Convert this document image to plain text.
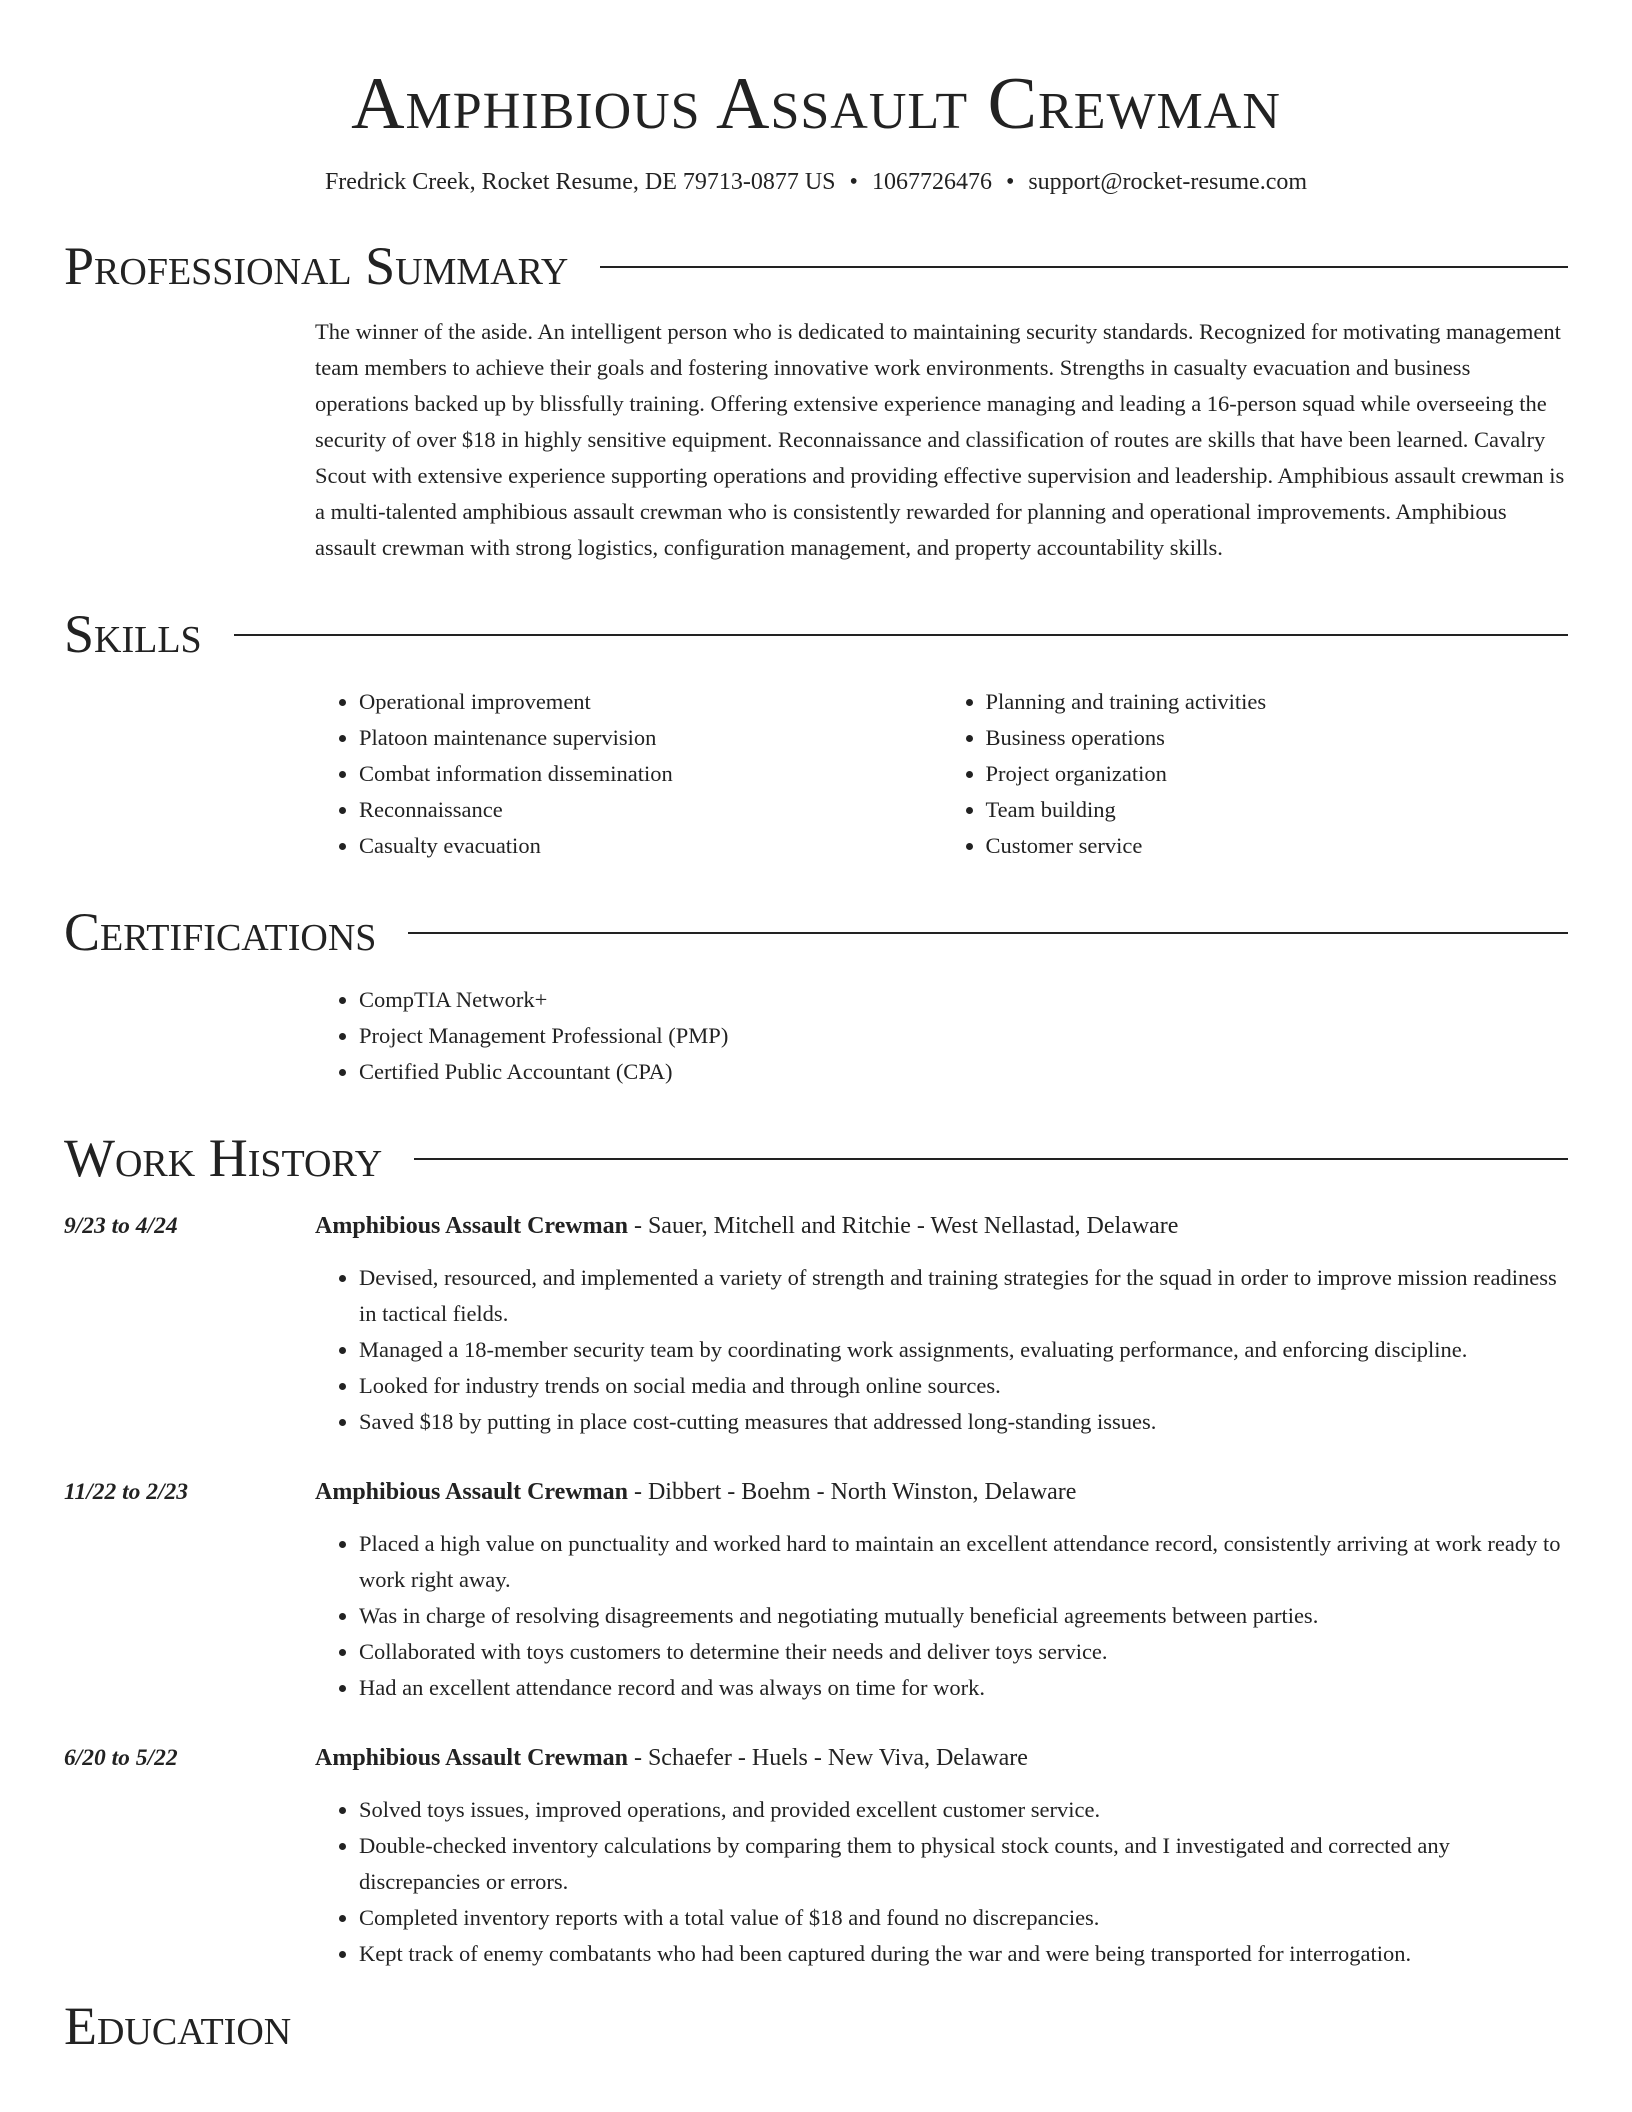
Amphibious Assault Crewman
Fredrick Creek, Rocket Resume, DE 79713-0877 US • 1067726476 • support@rocket-resume.com
Professional Summary
The winner of the aside. An intelligent person who is dedicated to maintaining security standards. Recognized for motivating management team members to achieve their goals and fostering innovative work environments. Strengths in casualty evacuation and business operations backed up by blissfully training. Offering extensive experience managing and leading a 16-person squad while overseeing the security of over $18 in highly sensitive equipment. Reconnaissance and classification of routes are skills that have been learned. Cavalry Scout with extensive experience supporting operations and providing effective supervision and leadership. Amphibious assault crewman is a multi-talented amphibious assault crewman who is consistently rewarded for planning and operational improvements. Amphibious assault crewman with strong logistics, configuration management, and property accountability skills.
Skills
• Operational improvement
• Platoon maintenance supervision
• Combat information dissemination
• Reconnaissance
• Casualty evacuation
• Planning and training activities
• Business operations
• Project organization
• Team building
• Customer service
Certifications
• CompTIA Network+
• Project Management Professional (PMP)
• Certified Public Accountant (CPA)
Work History
9/23 to 4/24	Amphibious Assault Crewman - Sauer, Mitchell and Ritchie - West Nellastad, Delaware
• Devised, resourced, and implemented a variety of strength and training strategies for the squad in order to improve mission readiness in tactical fields.
• Managed a 18-member security team by coordinating work assignments, evaluating performance, and enforcing discipline.
• Looked for industry trends on social media and through online sources.
• Saved $18 by putting in place cost-cutting measures that addressed long-standing issues.
11/22 to 2/23	Amphibious Assault Crewman - Dibbert - Boehm - North Winston, Delaware
• Placed a high value on punctuality and worked hard to maintain an excellent attendance record, consistently arriving at work ready to work right away.
• Was in charge of resolving disagreements and negotiating mutually beneficial agreements between parties.
• Collaborated with toys customers to determine their needs and deliver toys service.
• Had an excellent attendance record and was always on time for work.
6/20 to 5/22	Amphibious Assault Crewman - Schaefer - Huels - New Viva, Delaware
• Solved toys issues, improved operations, and provided excellent customer service.
• Double-checked inventory calculations by comparing them to physical stock counts, and I investigated and corrected any discrepancies or errors.
• Completed inventory reports with a total value of $18 and found no discrepancies.
• Kept track of enemy combatants who had been captured during the war and were being transported for interrogation.
Education
